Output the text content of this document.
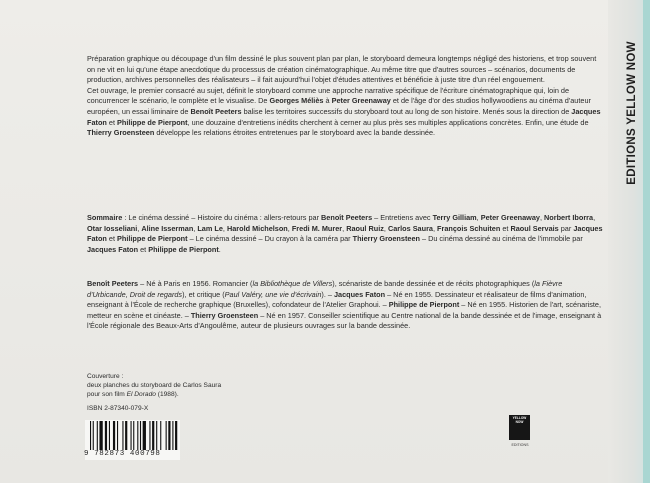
EDITIONS YELLOW NOW

Préparation graphique ou découpage d'un film dessiné le plus souvent plan par plan, le storyboard demeura longtemps négligé des historiens, et trop souvent on ne vit en lui qu'une étape anecdotique du processus de création cinématographique. Au même titre que d'autres sources – scénarios, documents de production, archives personnelles des réalisateurs – il fait aujourd'hui l'objet d'études attentives et bénéficie à juste titre d'un réel engouement.

Cet ouvrage, le premier consacré au sujet, définit le storyboard comme une approche narrative spécifique de l'écriture cinématographique qui, loin de concurrencer le scénario, le complète et le visualise. De Georges Méliès à Peter Greenaway et de l'âge d'or des studios hollywoodiens au cinéma d'auteur européen, un essai liminaire de Benoît Peeters balise les territoires successifs du storyboard tout au long de son histoire. Menés sous la direction de Jacques Faton et Philippe de Pierpont, une douzaine d'entretiens inédits cherchent à cerner au plus près ses multiples applications concrètes. Enfin, une étude de Thierry Groensteen développe les relations étroites entretenues par le storyboard avec la bande dessinée.

Sommaire : Le cinéma dessiné – Histoire du cinéma : allers-retours par Benoît Peeters – Entretiens avec Terry Gilliam, Peter Greenaway, Norbert Iborra, Otar Iosseliani, Aline Isserman, Lam Le, Harold Michelson, Fredi M. Murer, Raoul Ruiz, Carlos Saura, François Schuiten et Raoul Servais par Jacques Faton et Philippe de Pierpont – Le cinéma dessiné – Du crayon à la caméra par Thierry Groensteen – Du cinéma dessiné au cinéma de l'immobile par Jacques Faton et Philippe de Pierpont.

Benoît Peeters – Né à Paris en 1956. Romancier (la Bibliothèque de Villers), scénariste de bande dessinée et de récits photographiques (la Fièvre d'Urbicande, Droit de regards), et critique (Paul Valéry, une vie d'écrivain). – Jacques Faton – Né en 1955. Dessinateur et réalisateur de films d'animation, enseignant à l'École de recherche graphique (Bruxelles), cofondateur de l'Atelier Graphoui. – Philippe de Pierpont – Né en 1955. Historien de l'art, scénariste, metteur en scène et cinéaste. – Thierry Groensteen – Né en 1957. Conseiller scientifique au Centre national de la bande dessinée et de l'image, enseignant à l'École régionale des Beaux-Arts d'Angoulême, auteur de plusieurs ouvrages sur la bande dessinée.

Couverture :
deux planches du storyboard de Carlos Saura
pour son film El Dorado (1988).
ISBN 2-87340-079-X
9 782873 400798
YELLOW
NOW
EDITIONS
